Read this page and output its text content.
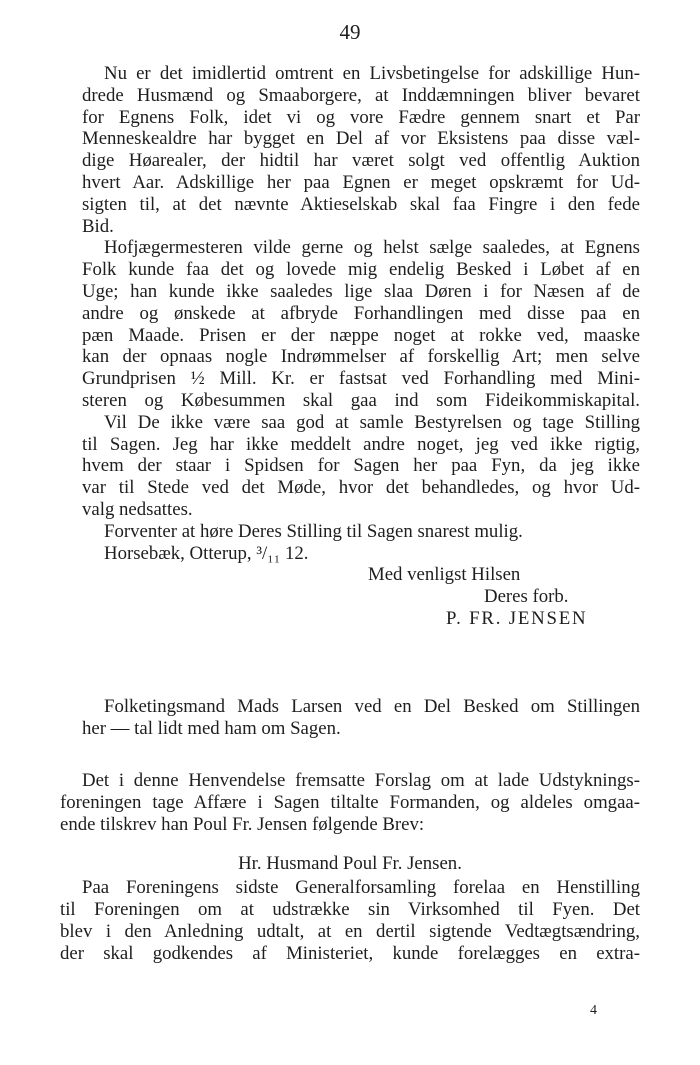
49
Nu er det imidlertid omtrent en Livsbetingelse for adskillige Hun-
drede Husmænd og Smaaborgere, at Inddæmningen bliver bevaret
for Egnens Folk, idet vi og vore Fædre gennem snart et Par
Menneskealdre har bygget en Del af vor Eksistens paa disse væl-
dige Høarealer, der hidtil har været solgt ved offentlig Auktion
hvert Aar. Adskillige her paa Egnen er meget opskræmt for Ud-
sigten til, at det nævnte Aktieselskab skal faa Fingre i den fede
Bid.
Hofjægermesteren vilde gerne og helst sælge saaledes, at Egnens
Folk kunde faa det og lovede mig endelig Besked i Løbet af en
Uge; han kunde ikke saaledes lige slaa Døren i for Næsen af de
andre og ønskede at afbryde Forhandlingen med disse paa en
pæn Maade. Prisen er der næppe noget at rokke ved, maaske
kan der opnaas nogle Indrømmelser af forskellig Art; men selve
Grundprisen ½ Mill. Kr. er fastsat ved Forhandling med Mini-
steren og Købesummen skal gaa ind som Fideikommiskapital.
Vil De ikke være saa god at samle Bestyrelsen og tage Stilling
til Sagen. Jeg har ikke meddelt andre noget, jeg ved ikke rigtig,
hvem der staar i Spidsen for Sagen her paa Fyn, da jeg ikke
var til Stede ved det Møde, hvor det behandledes, og hvor Ud-
valg nedsattes.
Forventer at høre Deres Stilling til Sagen snarest mulig.
Horsebæk, Otterup, ³/₁₁ 12.
Med venligst Hilsen
Deres forb.
P. FR. JENSEN
Folketingsmand Mads Larsen ved en Del Besked om Stillingen
her — tal lidt med ham om Sagen.
Det i denne Henvendelse fremsatte Forslag om at lade Udstyknings-
foreningen tage Affære i Sagen tiltalte Formanden, og aldeles omgaa-
ende tilskrev han Poul Fr. Jensen følgende Brev:
Hr. Husmand Poul Fr. Jensen.
Paa Foreningens sidste Generalforsamling forelaa en Henstilling
til Foreningen om at udstrække sin Virksomhed til Fyen. Det
blev i den Anledning udtalt, at en dertil sigtende Vedtægtsændring,
der skal godkendes af Ministeriet, kunde forelægges en extra-
4
